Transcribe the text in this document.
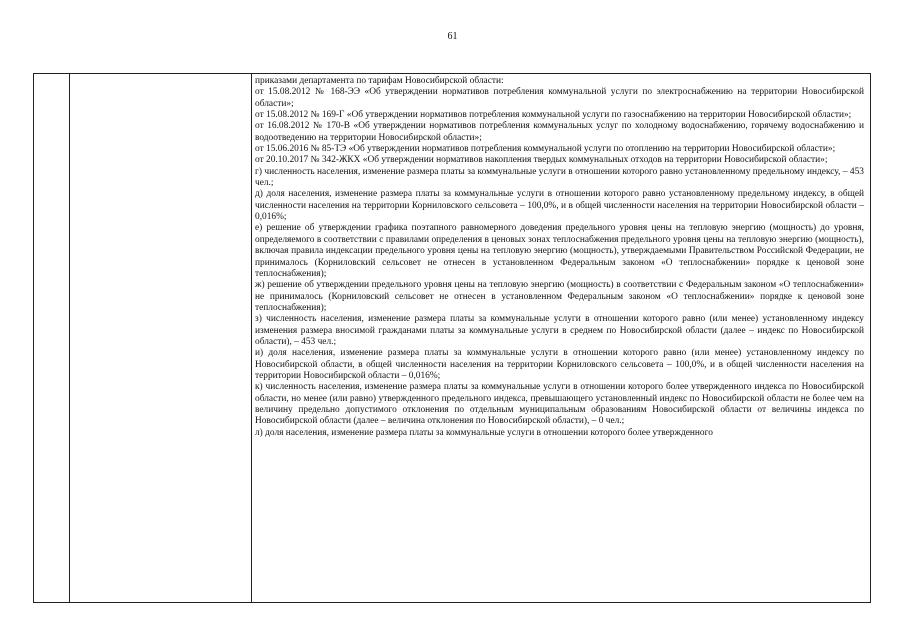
61

приказами департамента по тарифам Новосибирской области:

от 15.08.2012 № 168-ЭЭ «Об утверждении нормативов потребления коммунальной услуги по электроснабжению на территории Новосибирской области»;

от 15.08.2012 № 169-Г «Об утверждении нормативов потребления коммунальной услуги по газоснабжению на территории Новосибирской области»;

от 16.08.2012 № 170-В «Об утверждении нормативов потребления коммунальных услуг по холодному водоснабжению, горячему водоснабжению и водоотведению на территории Новосибирской области»;

от 15.06.2016 № 85-ТЭ «Об утверждении нормативов потребления коммунальной услуги по отоплению на территории Новосибирской области»;

от 20.10.2017 № 342-ЖКХ «Об утверждении нормативов накопления твердых коммунальных отходов на территории Новосибирской области»;

г) численность населения, изменение размера платы за коммунальные услуги в отношении которого равно установленному предельному индексу, – 453 чел.;

д) доля населения, изменение размера платы за коммунальные услуги в отношении которого равно установленному предельному индексу, в общей численности населения на территории Корниловского сельсовета – 100,0%, и в общей численности населения на территории Новосибирской области – 0,016%;

е) решение об утверждении графика поэтапного равномерного доведения предельного уровня цены на тепловую энергию (мощность) до уровня, определяемого в соответствии с правилами определения в ценовых зонах теплоснабжения предельного уровня цены на тепловую энергию (мощность), включая правила индексации предельного уровня цены на тепловую энергию (мощность), утверждаемыми Правительством Российской Федерации, не принималось (Корниловский сельсовет не отнесен в установленном Федеральным законом «О теплоснабжении» порядке к ценовой зоне теплоснабжения);

ж) решение об утверждении предельного уровня цены на тепловую энергию (мощность) в соответствии с Федеральным законом «О теплоснабжении» не принималось (Корниловский сельсовет не отнесен в установленном Федеральным законом «О теплоснабжении» порядке к ценовой зоне теплоснабжения);

з) численность населения, изменение размера платы за коммунальные услуги в отношении которого равно (или менее) установленному индексу изменения размера вносимой гражданами платы за коммунальные услуги в среднем по Новосибирской области (далее – индекс по Новосибирской области), – 453 чел.;

и) доля населения, изменение размера платы за коммунальные услуги в отношении которого равно (или менее) установленному индексу по Новосибирской области, в общей численности населения на территории Корниловского сельсовета – 100,0%, и в общей численности населения на территории Новосибирской области – 0,016%;

к) численность населения, изменение размера платы за коммунальные услуги в отношении которого более утвержденного индекса по Новосибирской области, но менее (или равно) утвержденного предельного индекса, превышающего установленный индекс по Новосибирской области не более чем на величину предельно допустимого отклонения по отдельным муниципальным образованиям Новосибирской области от величины индекса по Новосибирской области (далее – величина отклонения по Новосибирской области), – 0 чел.;

л) доля населения, изменение размера платы за коммунальные услуги в отношении которого более утвержденного
